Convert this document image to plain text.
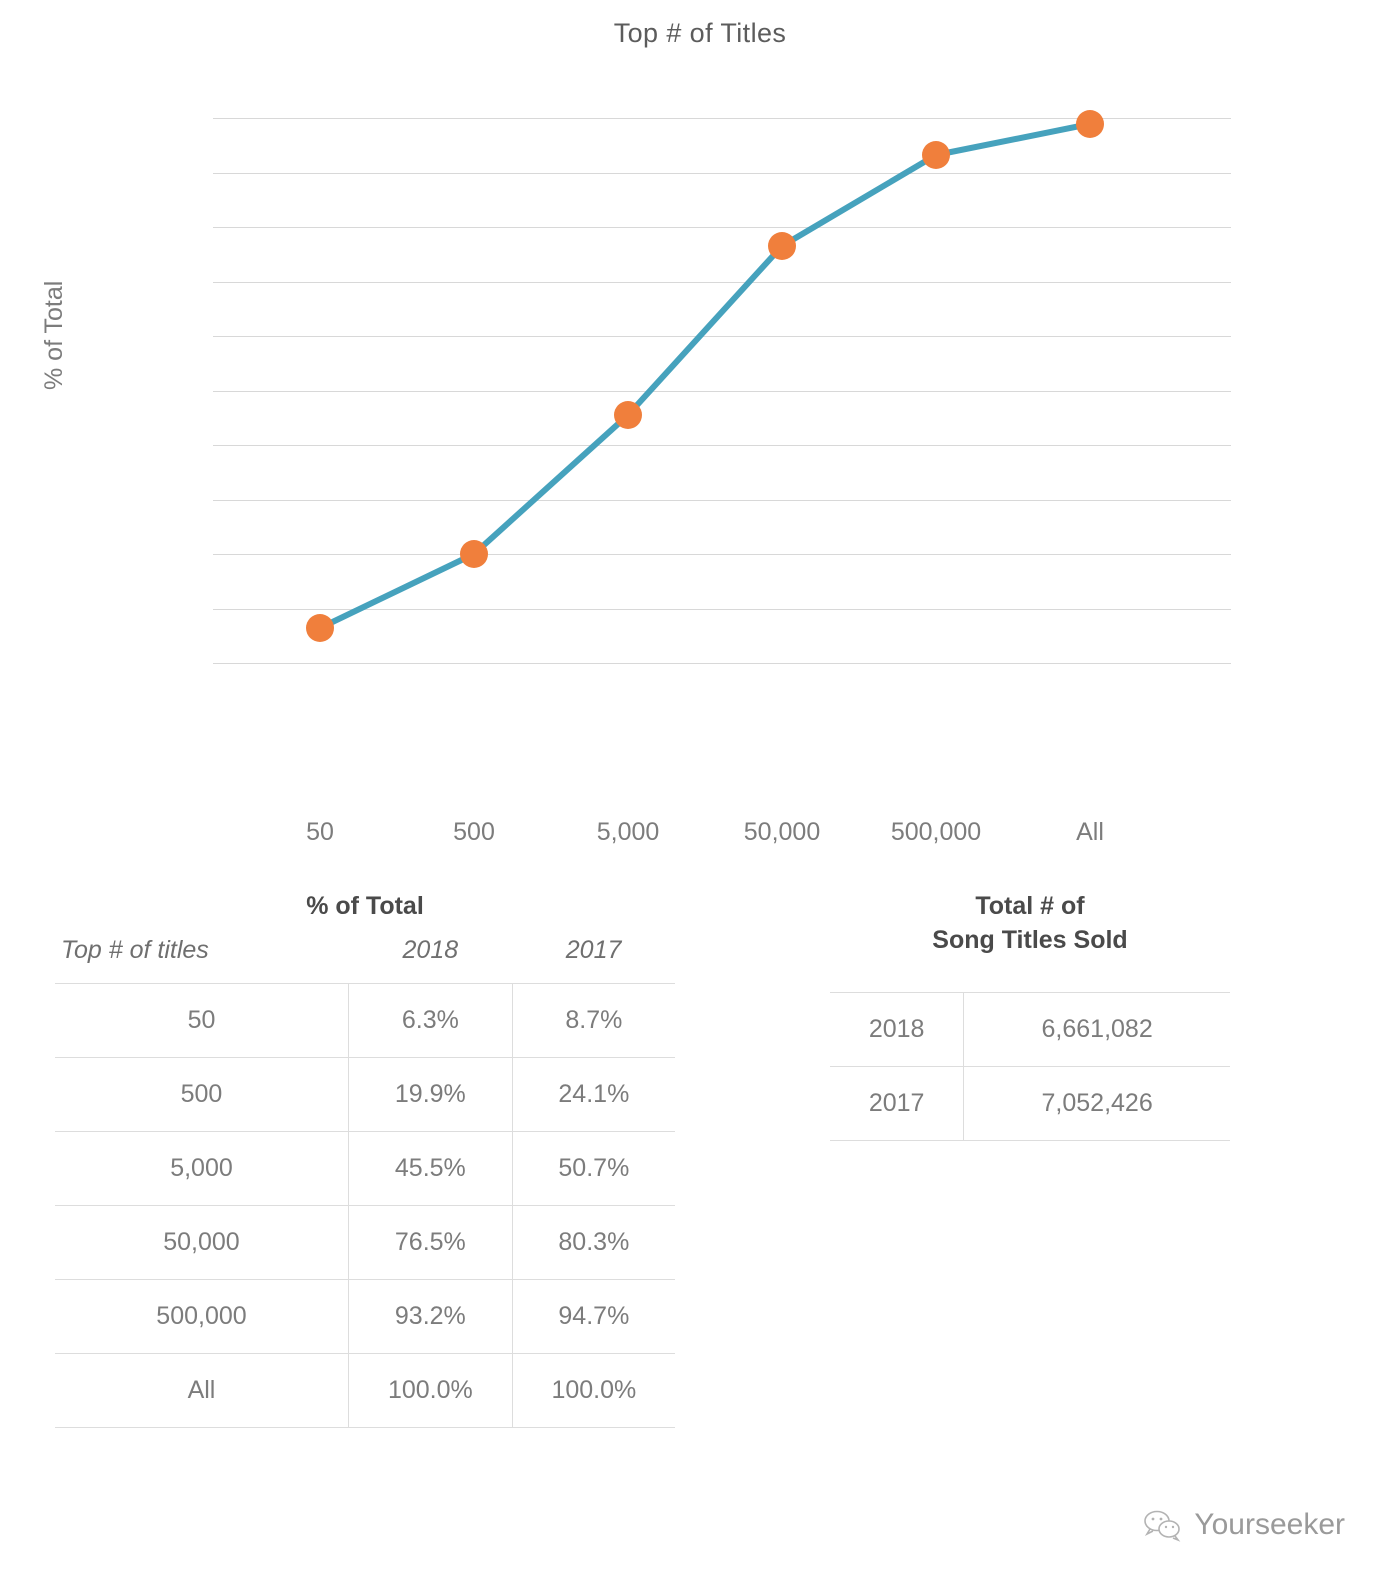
Top # of Titles
% of Total
50	500	5,000	50,000	500,000	All
% of Total
Top # of titles	2018	2017
50	6.3%	8.7%
500	19.9%	24.1%
5,000	45.5%	50.7%
50,000	76.5%	80.3%
500,000	93.2%	94.7%
All	100.0%	100.0%
Total # of
Song Titles Sold
2018	6,661,082
2017	7,052,426
Yourseeker
